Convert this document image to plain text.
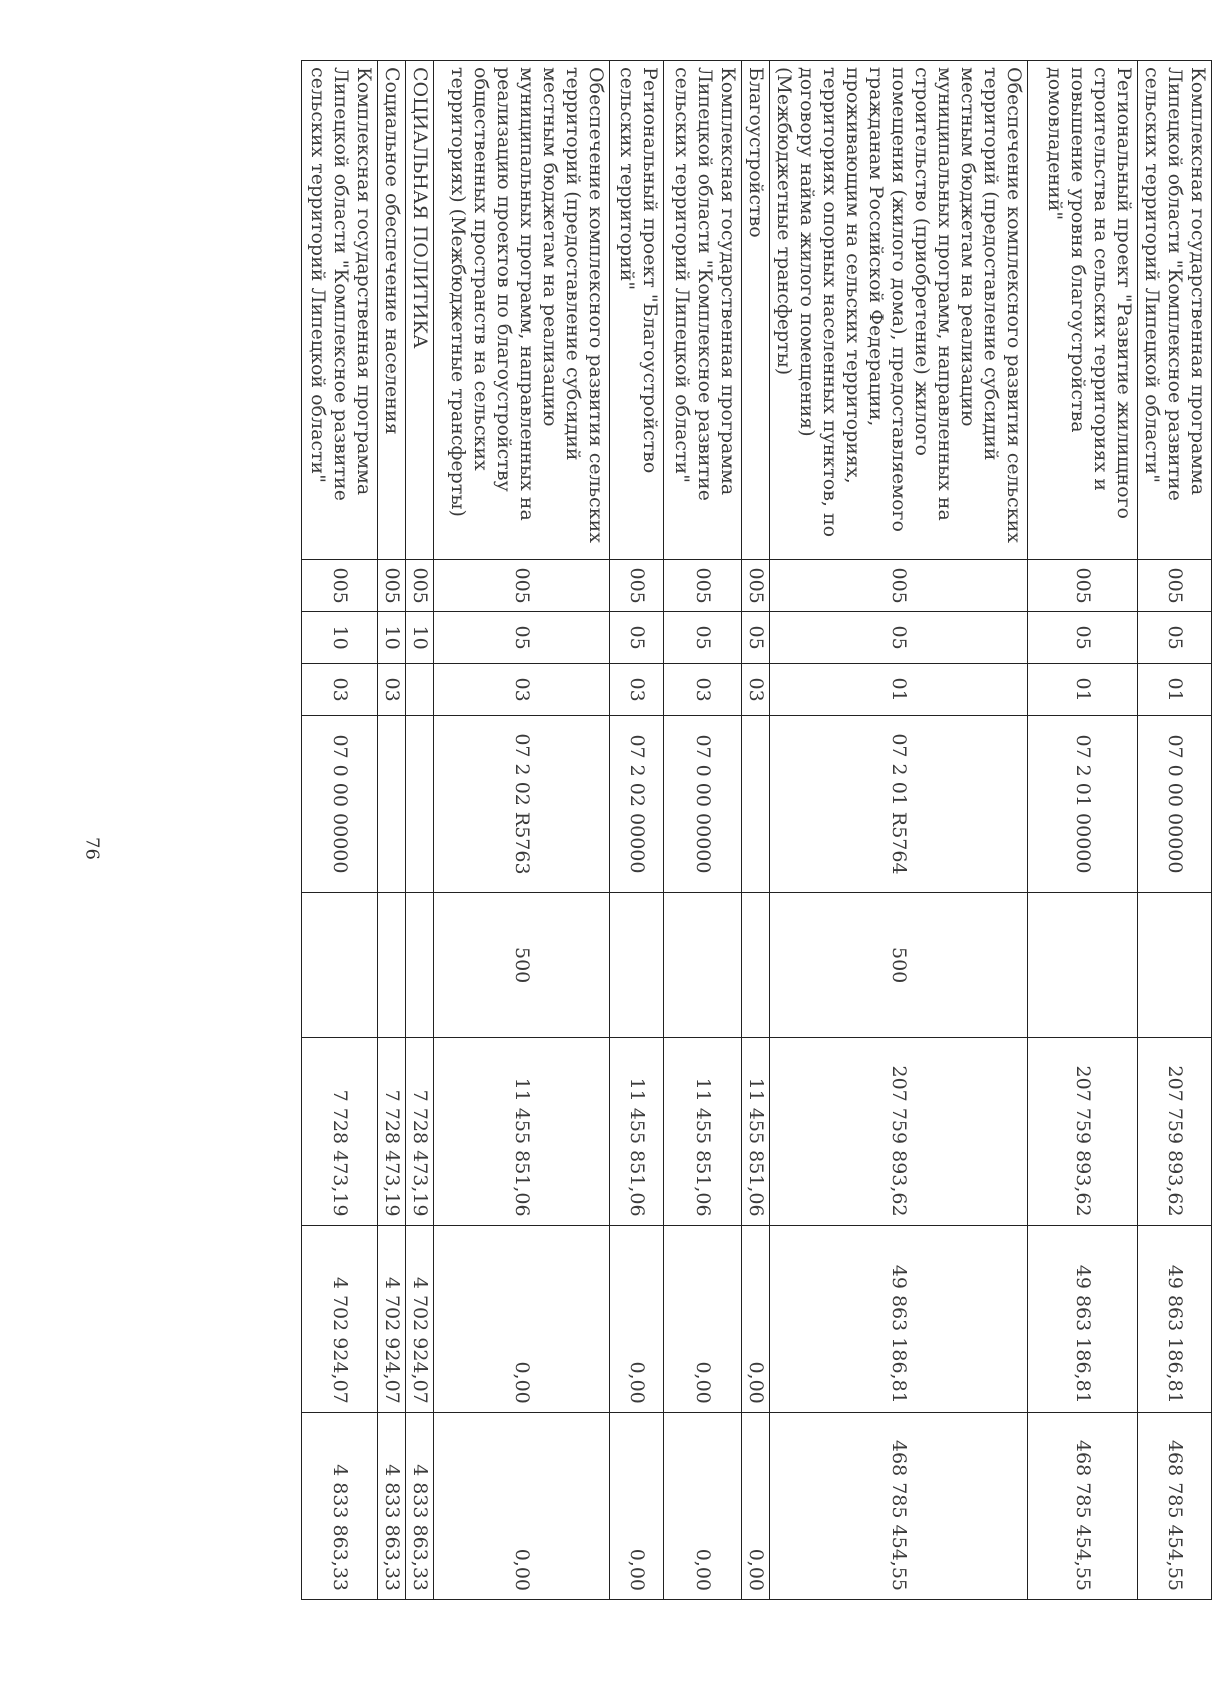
76
Комплексная государственная программа Липецкой области "Комплексное развитие сельских территорий Липецкой области"	005	05	01	07 0 00 00000		207 759 893,62	49 863 186,81	468 785 454,55
Региональный проект "Развитие жилищного строительства на сельских территориях и повышение уровня благоустройства домовладений"	005	05	01	07 2 01 00000		207 759 893,62	49 863 186,81	468 785 454,55
Обеспечение комплексного развития сельских территорий (предоставление субсидий местным бюджетам на реализацию муниципальных программ, направленных на строительство (приобретение) жилого помещения (жилого дома), предоставляемого гражданам Российской Федерации, проживающим на сельских территориях, территориях опорных населенных пунктов, по договору найма жилого помещения) (Межбюджетные трансферты)	005	05	01	07 2 01 R5764	500	207 759 893,62	49 863 186,81	468 785 454,55
Благоустройство	005	05	03			11 455 851,06	0,00	0,00
Комплексная государственная программа Липецкой области "Комплексное развитие сельских территорий Липецкой области"	005	05	03	07 0 00 00000		11 455 851,06	0,00	0,00
Региональный проект "Благоустройство сельских территорий"	005	05	03	07 2 02 00000		11 455 851,06	0,00	0,00
Обеспечение комплексного развития сельских территорий (предоставление субсидий местным бюджетам на реализацию муниципальных программ, направленных на реализацию проектов по благоустройству общественных пространств на сельских территориях) (Межбюджетные трансферты)	005	05	03	07 2 02 R5763	500	11 455 851,06	0,00	0,00
СОЦИАЛЬНАЯ ПОЛИТИКА	005	10				7 728 473,19	4 702 924,07	4 833 863,33
Социальное обеспечение населения	005	10	03			7 728 473,19	4 702 924,07	4 833 863,33
Комплексная государственная программа Липецкой области "Комплексное развитие сельских территорий Липецкой области"	005	10	03	07 0 00 00000		7 728 473,19	4 702 924,07	4 833 863,33
